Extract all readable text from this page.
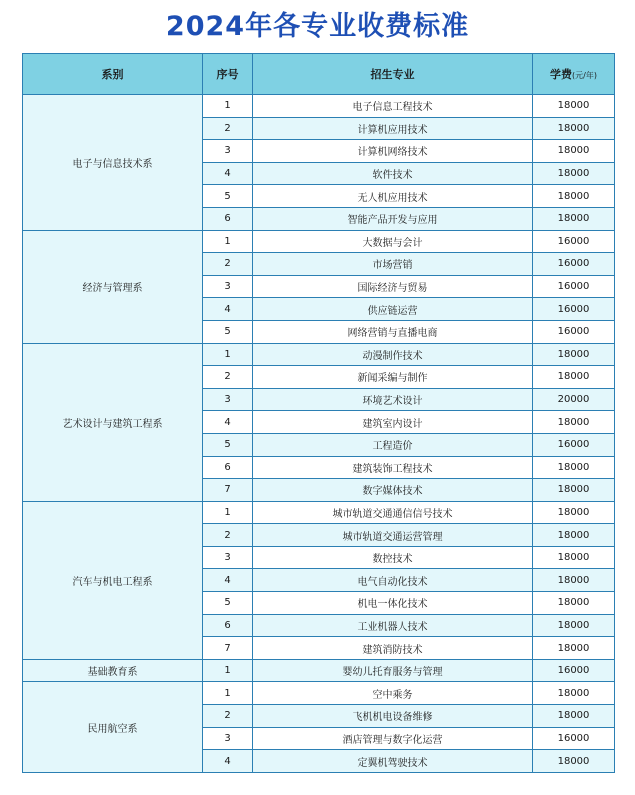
2024年各专业收费标准
系别	序号	招生专业	学费(元/年)
电子与信息技术系	1	电子信息工程技术	18000
	2	计算机应用技术	18000
	3	计算机网络技术	18000
	4	软件技术	18000
	5	无人机应用技术	18000
	6	智能产品开发与应用	18000
经济与管理系	1	大数据与会计	16000
	2	市场营销	16000
	3	国际经济与贸易	16000
	4	供应链运营	16000
	5	网络营销与直播电商	16000
艺术设计与建筑工程系	1	动漫制作技术	18000
	2	新闻采编与制作	18000
	3	环境艺术设计	20000
	4	建筑室内设计	18000
	5	工程造价	16000
	6	建筑装饰工程技术	18000
	7	数字媒体技术	18000
汽车与机电工程系	1	城市轨道交通通信信号技术	18000
	2	城市轨道交通运营管理	18000
	3	数控技术	18000
	4	电气自动化技术	18000
	5	机电一体化技术	18000
	6	工业机器人技术	18000
	7	建筑消防技术	18000
基础教育系	1	婴幼儿托育服务与管理	16000
民用航空系	1	空中乘务	18000
	2	飞机机电设备维修	18000
	3	酒店管理与数字化运营	16000
	4	定翼机驾驶技术	18000
